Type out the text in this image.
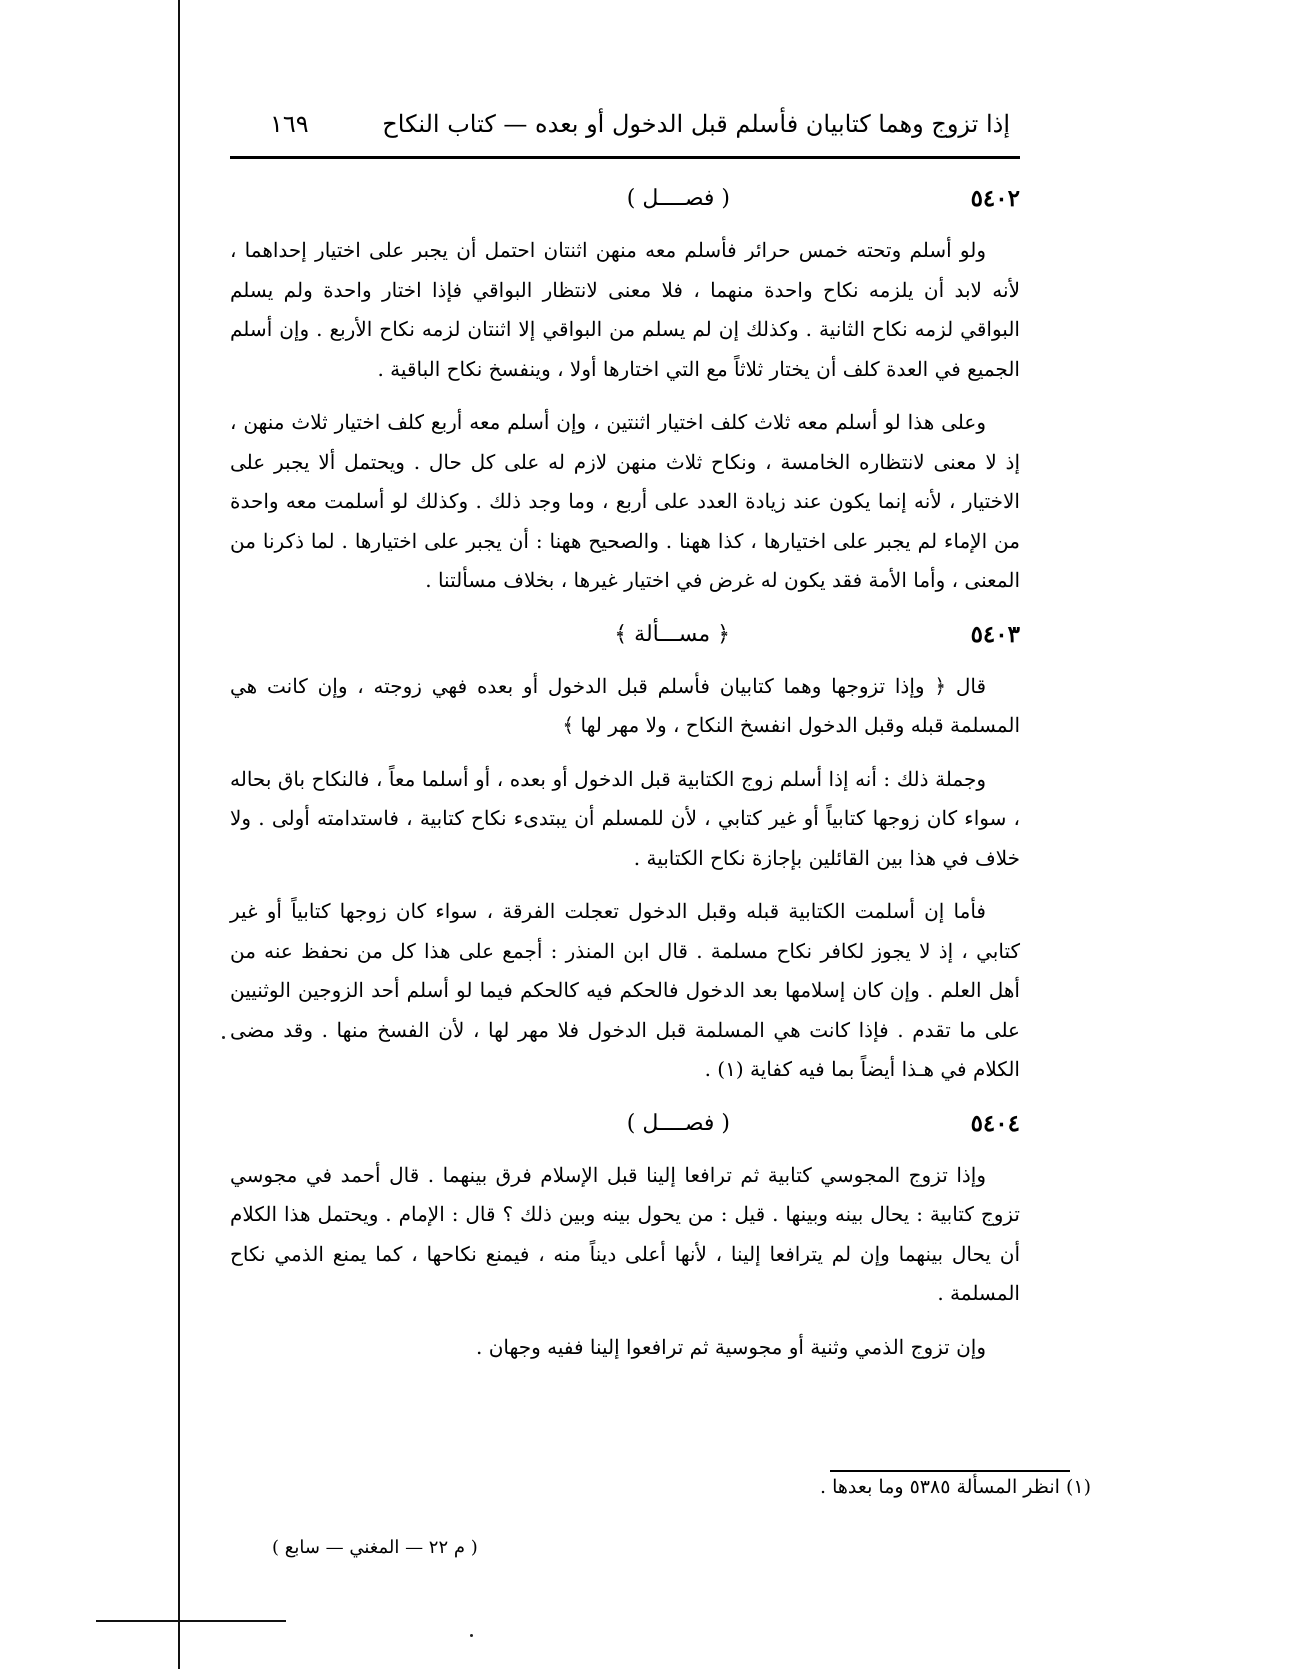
إذا تزوج وهما كتابيان فأسلم قبل الدخول أو بعده — كتاب النكاح
١٦٩
٥٤٠٢
( فصــــل )

ولو أسلم وتحته خمس حرائر فأسلم معه منهن اثنتان احتمل أن يجبر على اختيار إحداهما ، لأنه لابد أن يلزمه نكاح واحدة منهما ، فلا معنى لانتظار البواقي فإذا اختار واحدة ولم يسلم البواقي لزمه نكاح الثانية . وكذلك إن لم يسلم من البواقي إلا اثنتان لزمه نكاح الأربع . وإن أسلم الجميع في العدة كلف أن يختار ثلاثاً مع التي اختارها أولا ، وينفسخ نكاح الباقية .

وعلى هذا لو أسلم معه ثلاث كلف اختيار اثنتين ، وإن أسلم معه أربع كلف اختيار ثلاث منهن ، إذ لا معنى لانتظاره الخامسة ، ونكاح ثلاث منهن لازم له على كل حال . ويحتمل ألا يجبر على الاختيار ، لأنه إنما يكون عند زيادة العدد على أربع ، وما وجد ذلك . وكذلك لو أسلمت معه واحدة من الإماء لم يجبر على اختيارها ، كذا ههنا . والصحيح ههنا : أن يجبر على اختيارها . لما ذكرنا من المعنى ، وأما الأمة فقد يكون له غرض في اختيار غيرها ، بخلاف مسألتنا .

٥٤٠٣
﴿ مســـألة ﴾

قال ﴿ وإذا تزوجها وهما كتابيان فأسلم قبل الدخول أو بعده فهي زوجته ، وإن كانت هي المسلمة قبله وقبل الدخول انفسخ النكاح ، ولا مهر لها ﴾

وجملة ذلك : أنه إذا أسلم زوج الكتابية قبل الدخول أو بعده ، أو أسلما معاً ، فالنكاح باق بحاله ، سواء كان زوجها كتابياً أو غير كتابي ، لأن للمسلم أن يبتدىء نكاح كتابية ، فاستدامته أولى . ولا خلاف في هذا بين القائلين بإجازة نكاح الكتابية .

فأما إن أسلمت الكتابية قبله وقبل الدخول تعجلت الفرقة ، سواء كان زوجها كتابياً أو غير كتابي ، إذ لا يجوز لكافر نكاح مسلمة . قال ابن المنذر : أجمع على هذا كل من نحفظ عنه من أهل العلم . وإن كان إسلامها بعد الدخول فالحكم فيه كالحكم فيما لو أسلم أحد الزوجين الوثنيين على ما تقدم . فإذا كانت هي المسلمة قبل الدخول فلا مهر لها ، لأن الفسخ منها . وقد مضى الكلام في هـذا أيضاً بما فيه كفاية (١) .

٥٤٠٤
( فصــــل )

وإذا تزوج المجوسي كتابية ثم ترافعا إلينا قبل الإسلام فرق بينهما . قال أحمد في مجوسي تزوج كتابية : يحال بينه وبينها . قيل : من يحول بينه وبين ذلك ؟ قال : الإمام . ويحتمل هذا الكلام أن يحال بينهما وإن لم يترافعا إلينا ، لأنها أعلى ديناً منه ، فيمنع نكاحها ، كما يمنع الذمي نكاح المسلمة .

وإن تزوج الذمي وثنية أو مجوسية ثم ترافعوا إلينا ففيه وجهان .

(١) انظر المسألة ٥٣٨٥ وما بعدها .
( م ٢٢ — المغني — سابع )
